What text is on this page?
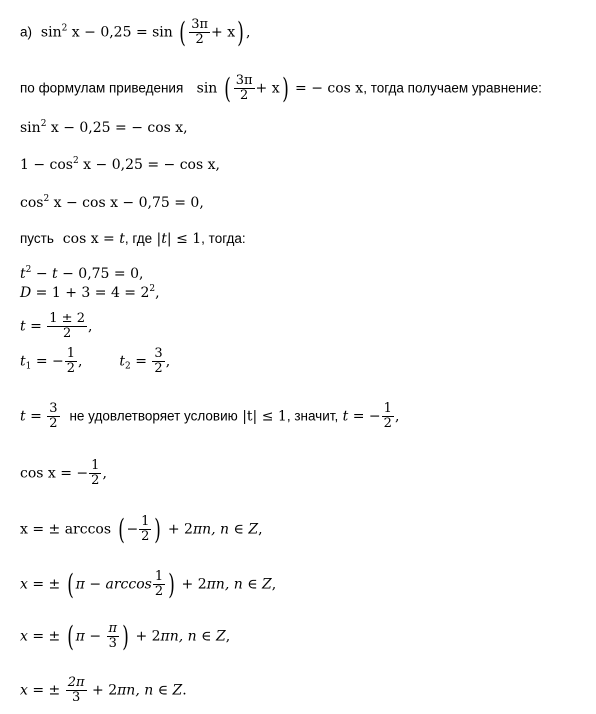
а) $\sin^2 x - 0,25 = \sin$ ( $\frac{3\pi}{2} + x$) ,
по формулам приведения sin ( $\frac{3\pi}{2} + x$) = − cos x, тогда получаем уравнение:
$\sin^2 x - 0,25$ = − cos x,
$1 - \cos^2 x - 0,25$ = − cos x,
$\cos^2 x - \cos x - 0,75 = 0$,
пусть cos x = t, где |t| ≤ 1, тогда:
$t^2 - t - 0,75 = 0$,
$D = 1 + 3 = 4 = 2^2$,
$t = \frac{1 \pm 2}{2}$ ,
$t_1$ = − $\frac{1}{2}$ ,	$t_2 = \frac{3}{2}$ ,
$t = \frac{3}{2}$ не удовлетворяет условию |t| ≤ 1, значит, t = − $\frac{1}{2}$ ,
cos x = − $\frac{1}{2}$ ,
x = ± arccos ( − $\frac{1}{2}$ ) + 2πn, n ∈ Z,
x = ± ( $\pi - \arccos \frac{1}{2}$ ) + 2πn, n ∈ Z,
x = ± ( $\pi - \frac{\pi}{3}$ ) + 2πn, n ∈ Z,
x = ± $\frac{2\pi}{3} + 2\pi n$, n ∈ Z.
